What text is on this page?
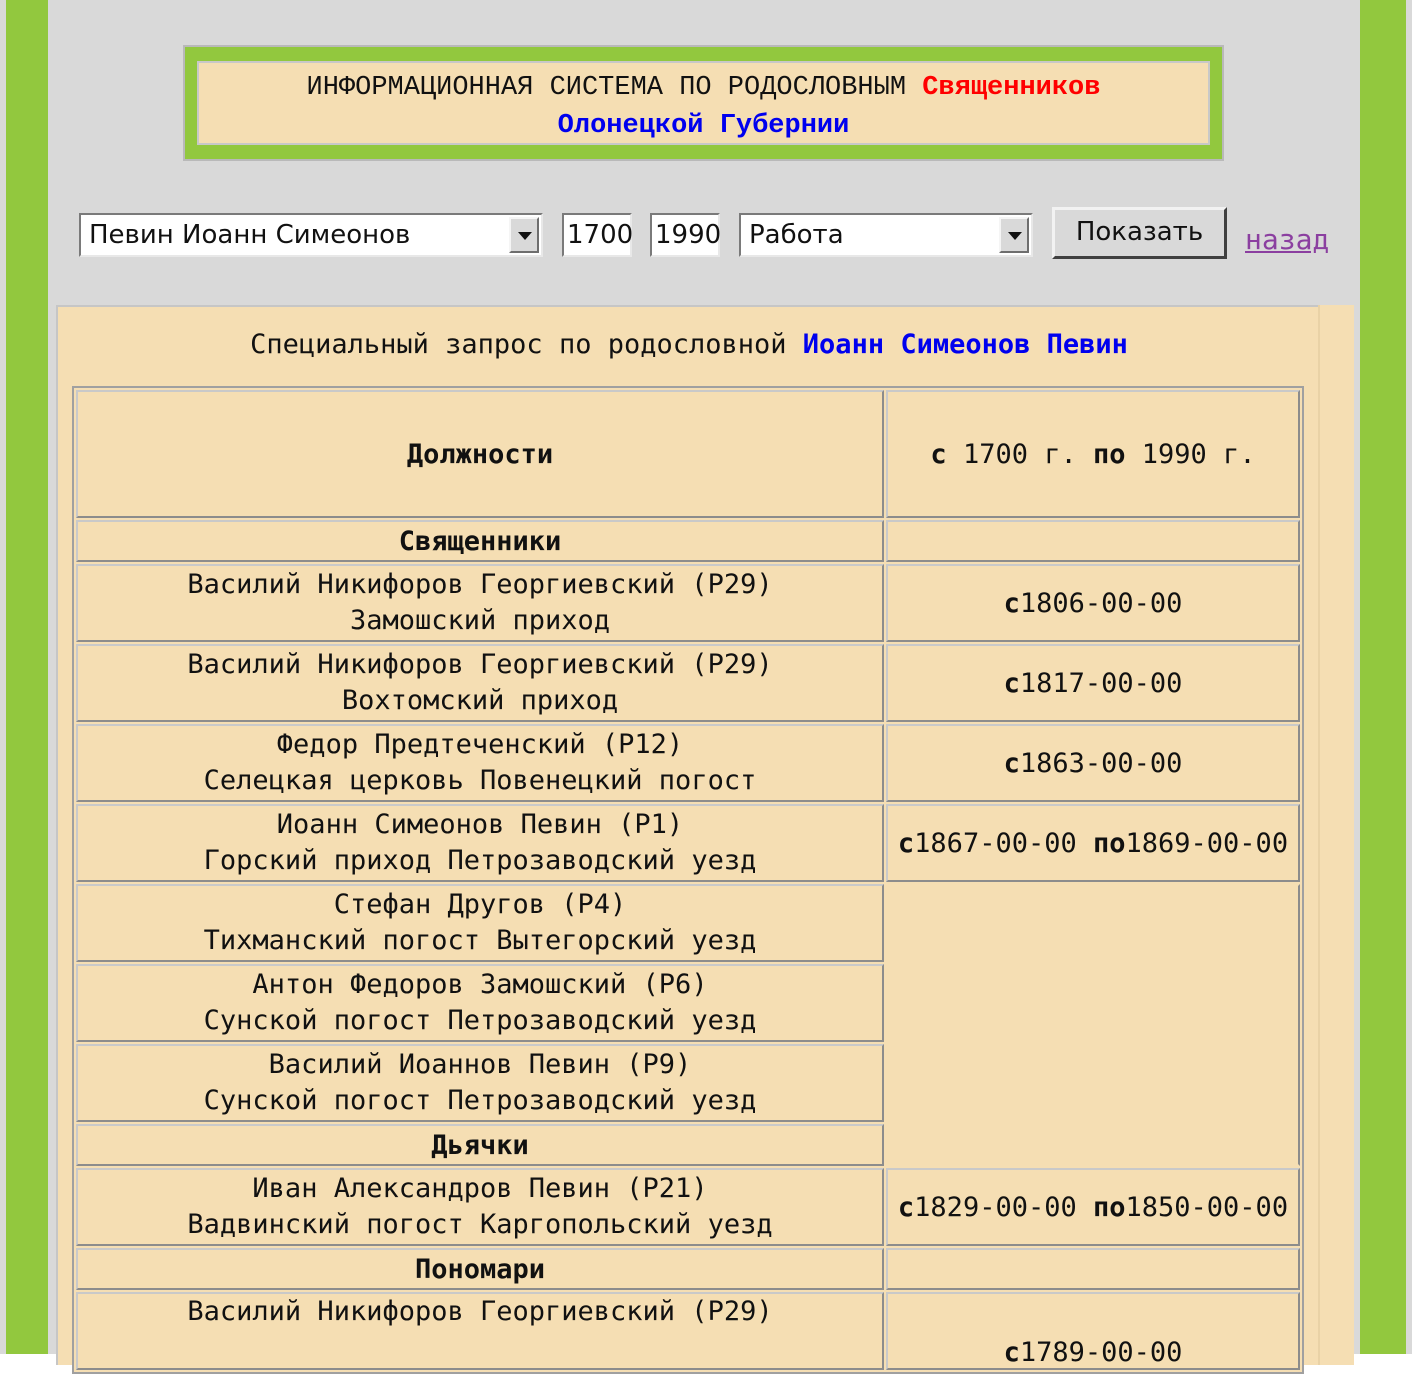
ИНФОРМАЦИОННАЯ СИСТЕМА ПО РОДОСЛОВНЫМ Священников
Олонецкой Губернии
Певин Иоанн Симеонов	1700 1990	Работа	Показать	назад
Специальный запрос по родословной Иоанн Симеонов Певин
Должности	с 1700 г. по 1990 г.
Священники	

Василий Никифоров Георгиевский (P29)
Замошский приход	с1806-00-00

Василий Никифоров Георгиевский (P29)
Вохтомский приход	с1817-00-00

Федор Предтеченский (P12)
Селецкая церковь Повенецкий погост	с1863-00-00

Иоанн Симеонов Певин (P1)
Горский приход Петрозаводский уезд	с1867-00-00 по1869-00-00

Стефан Другов (P4)
Тихманский погост Вытегорский уезд	

Антон Федоров Замошский (P6)
Сунской погост Петрозаводский уезд	

Василий Иоаннов Певин (P9)
Сунской погост Петрозаводский уезд	

Дьячки	

Иван Александров Певин (P21)
Вадвинский погост Каргопольский уезд	с1829-00-00 по1850-00-00
Пономари	

Василий Никифоров Георгиевский (P29)	с1789-00-00
